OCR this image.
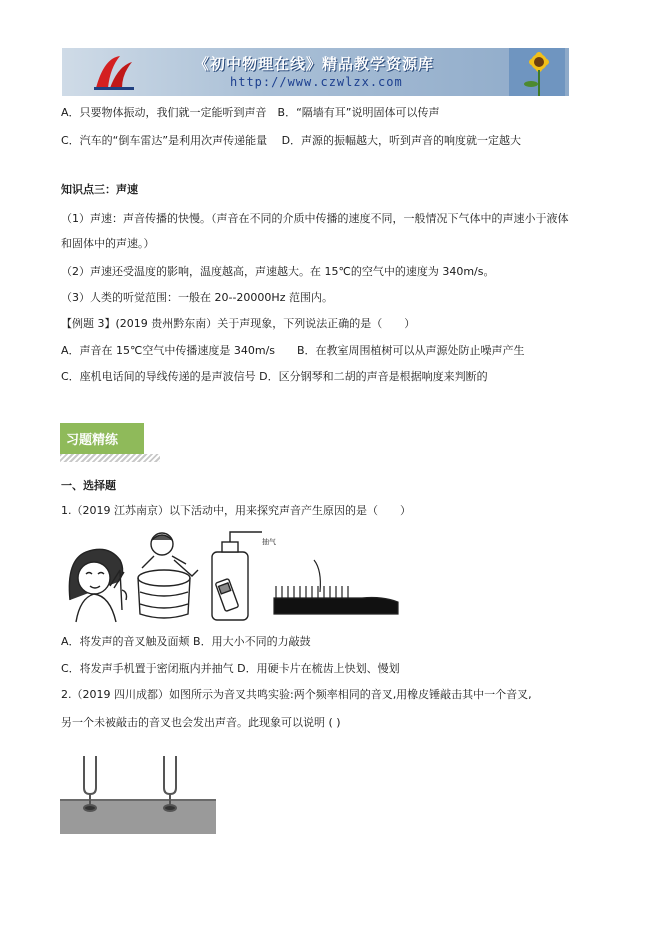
《初中物理在线》精品教学资源库
http://www.czwlzx.com
A．只要物体振动，我们就一定能听到声音　B．“隔墙有耳”说明固体可以传声
C．汽车的“倒车雷达”是利用次声传递能量　 D．声源的振幅越大，听到声音的响度就一定越大
知识点三：声速
（1）声速：声音传播的快慢。（声音在不同的介质中传播的速度不同，一般情况下气体中的声速小于液体
和固体中的声速。）
（2）声速还受温度的影响，温度越高，声速越大。在 15℃的空气中的速度为 340m/s。
（3）人类的听觉范围：一般在 20--20000Hz 范围内。
【例题 3】(2019 贵州黔东南）关于声现象，下列说法正确的是（　　）
A．声音在 15℃空气中传播速度是 340m/s　　B．在教室周围植树可以从声源处防止噪声产生
C．座机电话间的导线传递的是声波信号 D．区分钢琴和二胡的声音是根据响度来判断的
习题精练
一、选择题
1.（2019 江苏南京）以下活动中，用来探究声音产生原因的是（　　）
抽气
A．将发声的音叉触及面颊 B．用大小不同的力敲鼓
C．将发声手机置于密闭瓶内并抽气 D．用硬卡片在梳齿上快划、慢划
2.（2019 四川成都）如图所示为音叉共鸣实验:两个频率相同的音叉,用橡皮锤敲击其中一个音叉,
另一个未被敲击的音叉也会发出声音。此现象可以说明 ( )
